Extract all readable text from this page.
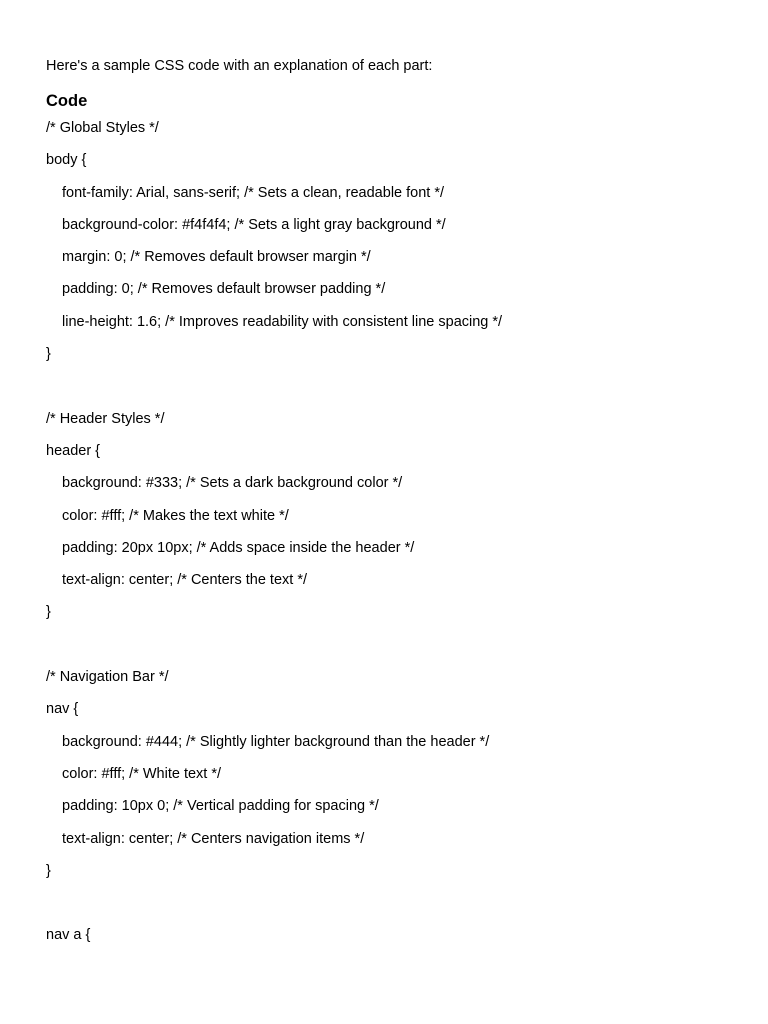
Here's a sample CSS code with an explanation of each part:

Code
/* Global Styles */
body {
font-family: Arial, sans-serif; /* Sets a clean, readable font */
background-color: #f4f4f4; /* Sets a light gray background */
margin: 0; /* Removes default browser margin */
padding: 0; /* Removes default browser padding */
line-height: 1.6; /* Improves readability with consistent line spacing */
}
/* Header Styles */
header {
background: #333; /* Sets a dark background color */
color: #fff; /* Makes the text white */
padding: 20px 10px; /* Adds space inside the header */
text-align: center; /* Centers the text */
}
/* Navigation Bar */
nav {
background: #444; /* Slightly lighter background than the header */
color: #fff; /* White text */
padding: 10px 0; /* Vertical padding for spacing */
text-align: center; /* Centers navigation items */
}
nav a {
